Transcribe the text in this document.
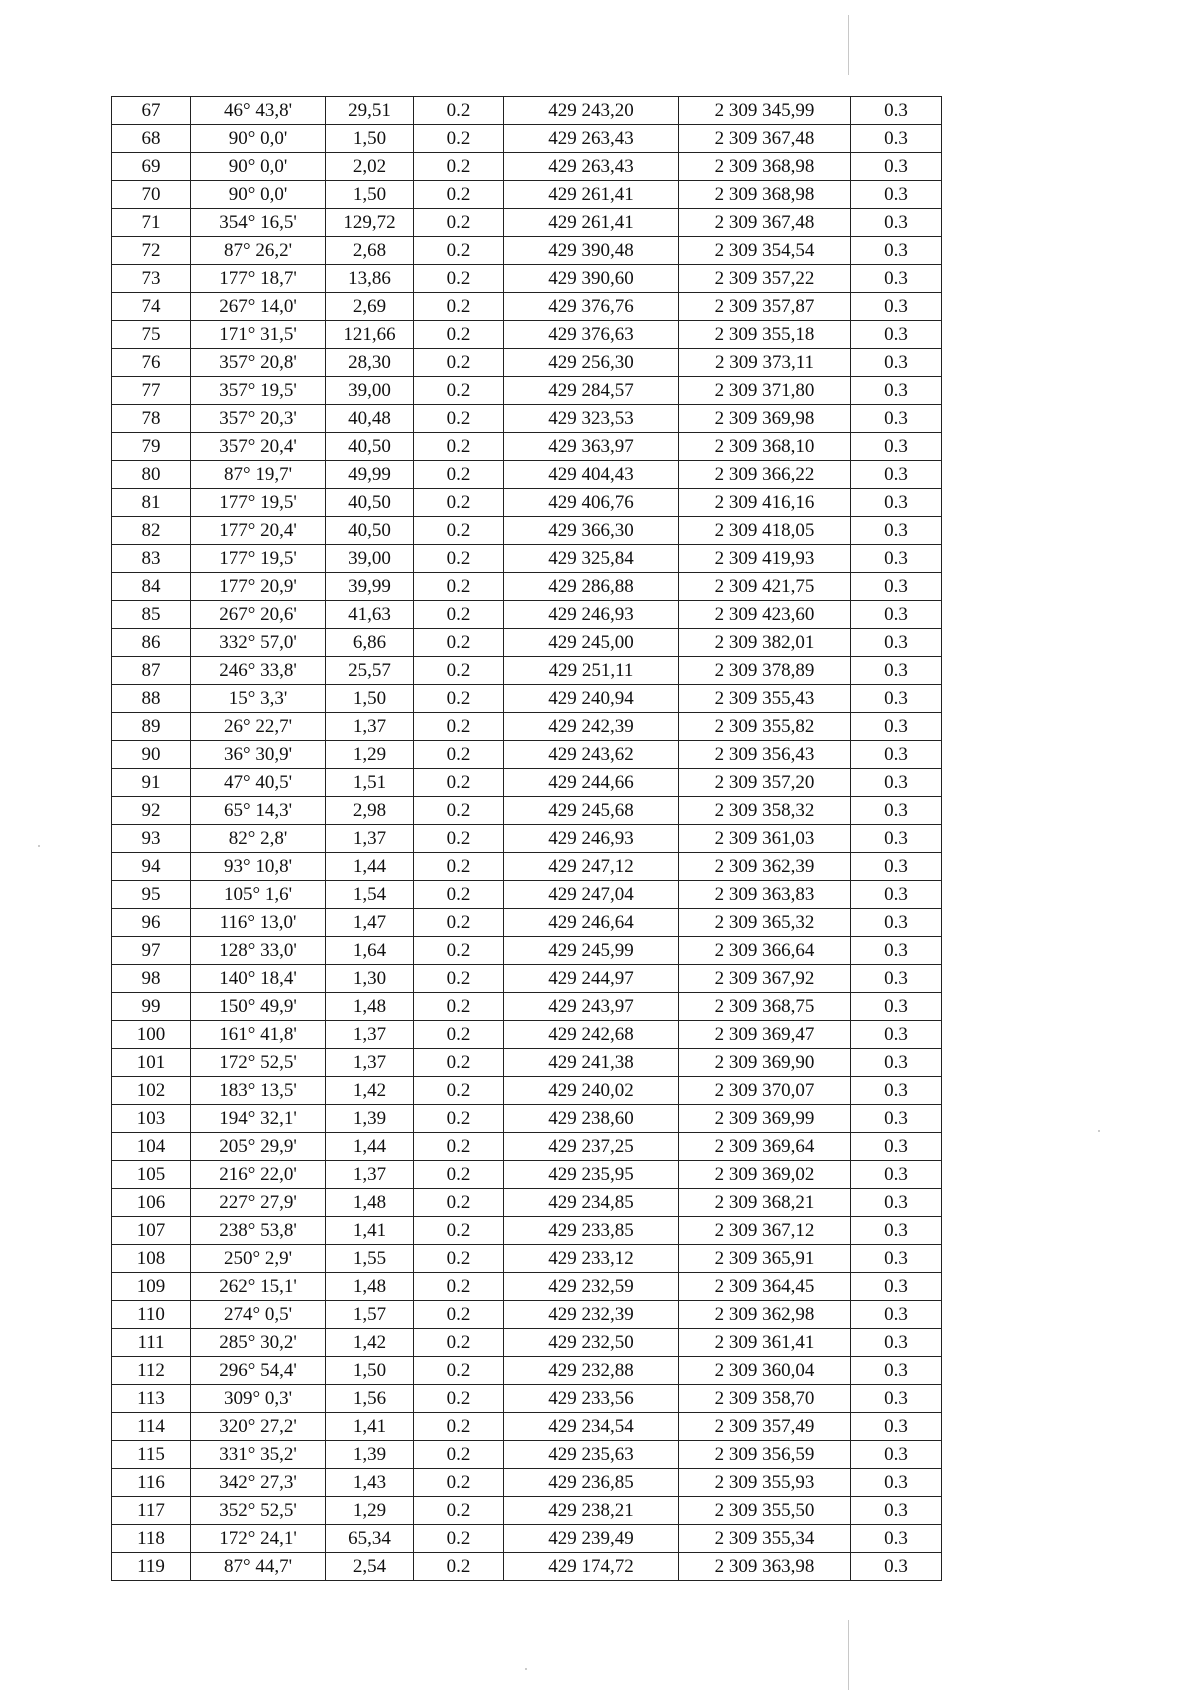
67	46° 43,8'	29,51	0.2	429 243,20	2 309 345,99	0.3
68	90° 0,0'	1,50	0.2	429 263,43	2 309 367,48	0.3
69	90° 0,0'	2,02	0.2	429 263,43	2 309 368,98	0.3
70	90° 0,0'	1,50	0.2	429 261,41	2 309 368,98	0.3
71	354° 16,5'	129,72	0.2	429 261,41	2 309 367,48	0.3
72	87° 26,2'	2,68	0.2	429 390,48	2 309 354,54	0.3
73	177° 18,7'	13,86	0.2	429 390,60	2 309 357,22	0.3
74	267° 14,0'	2,69	0.2	429 376,76	2 309 357,87	0.3
75	171° 31,5'	121,66	0.2	429 376,63	2 309 355,18	0.3
76	357° 20,8'	28,30	0.2	429 256,30	2 309 373,11	0.3
77	357° 19,5'	39,00	0.2	429 284,57	2 309 371,80	0.3
78	357° 20,3'	40,48	0.2	429 323,53	2 309 369,98	0.3
79	357° 20,4'	40,50	0.2	429 363,97	2 309 368,10	0.3
80	87° 19,7'	49,99	0.2	429 404,43	2 309 366,22	0.3
81	177° 19,5'	40,50	0.2	429 406,76	2 309 416,16	0.3
82	177° 20,4'	40,50	0.2	429 366,30	2 309 418,05	0.3
83	177° 19,5'	39,00	0.2	429 325,84	2 309 419,93	0.3
84	177° 20,9'	39,99	0.2	429 286,88	2 309 421,75	0.3
85	267° 20,6'	41,63	0.2	429 246,93	2 309 423,60	0.3
86	332° 57,0'	6,86	0.2	429 245,00	2 309 382,01	0.3
87	246° 33,8'	25,57	0.2	429 251,11	2 309 378,89	0.3
88	15° 3,3'	1,50	0.2	429 240,94	2 309 355,43	0.3
89	26° 22,7'	1,37	0.2	429 242,39	2 309 355,82	0.3
90	36° 30,9'	1,29	0.2	429 243,62	2 309 356,43	0.3
91	47° 40,5'	1,51	0.2	429 244,66	2 309 357,20	0.3
92	65° 14,3'	2,98	0.2	429 245,68	2 309 358,32	0.3
93	82° 2,8'	1,37	0.2	429 246,93	2 309 361,03	0.3
94	93° 10,8'	1,44	0.2	429 247,12	2 309 362,39	0.3
95	105° 1,6'	1,54	0.2	429 247,04	2 309 363,83	0.3
96	116° 13,0'	1,47	0.2	429 246,64	2 309 365,32	0.3
97	128° 33,0'	1,64	0.2	429 245,99	2 309 366,64	0.3
98	140° 18,4'	1,30	0.2	429 244,97	2 309 367,92	0.3
99	150° 49,9'	1,48	0.2	429 243,97	2 309 368,75	0.3
100	161° 41,8'	1,37	0.2	429 242,68	2 309 369,47	0.3
101	172° 52,5'	1,37	0.2	429 241,38	2 309 369,90	0.3
102	183° 13,5'	1,42	0.2	429 240,02	2 309 370,07	0.3
103	194° 32,1'	1,39	0.2	429 238,60	2 309 369,99	0.3
104	205° 29,9'	1,44	0.2	429 237,25	2 309 369,64	0.3
105	216° 22,0'	1,37	0.2	429 235,95	2 309 369,02	0.3
106	227° 27,9'	1,48	0.2	429 234,85	2 309 368,21	0.3
107	238° 53,8'	1,41	0.2	429 233,85	2 309 367,12	0.3
108	250° 2,9'	1,55	0.2	429 233,12	2 309 365,91	0.3
109	262° 15,1'	1,48	0.2	429 232,59	2 309 364,45	0.3
110	274° 0,5'	1,57	0.2	429 232,39	2 309 362,98	0.3
111	285° 30,2'	1,42	0.2	429 232,50	2 309 361,41	0.3
112	296° 54,4'	1,50	0.2	429 232,88	2 309 360,04	0.3
113	309° 0,3'	1,56	0.2	429 233,56	2 309 358,70	0.3
114	320° 27,2'	1,41	0.2	429 234,54	2 309 357,49	0.3
115	331° 35,2'	1,39	0.2	429 235,63	2 309 356,59	0.3
116	342° 27,3'	1,43	0.2	429 236,85	2 309 355,93	0.3
117	352° 52,5'	1,29	0.2	429 238,21	2 309 355,50	0.3
118	172° 24,1'	65,34	0.2	429 239,49	2 309 355,34	0.3
119	87° 44,7'	2,54	0.2	429 174,72	2 309 363,98	0.3
